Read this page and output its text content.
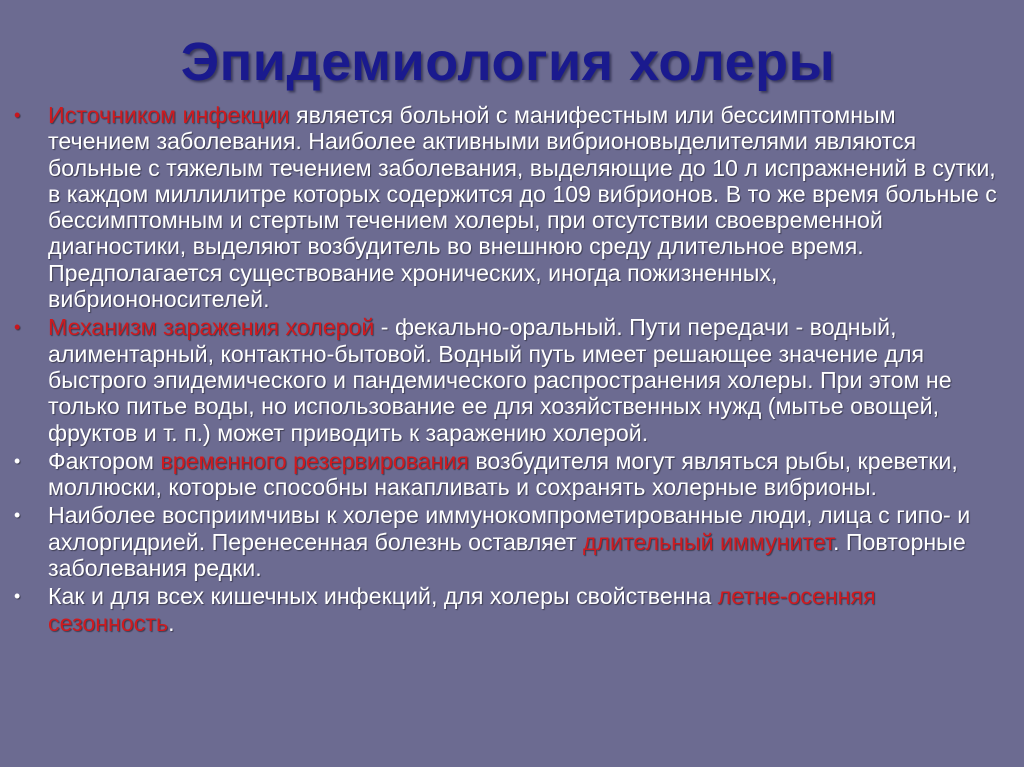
Эпидемиология холеры
• Источником инфекции является больной с манифестным или бессимптомным течением заболевания. Наиболее активными вибрионовыделителями являются больные с тяжелым течением заболевания, выделяющие до 10 л испражнений в сутки, в каждом миллилитре которых содержится до 109 вибрионов. В то же время больные с бессимптомным и стертым течением холеры, при отсутствии своевременной диагностики, выделяют возбудитель во внешнюю среду длительное время. Предполагается существование хронических, иногда пожизненных, вибриононосителей.
• Механизм заражения холерой - фекально-оральный. Пути передачи - водный, алиментарный, контактно-бытовой. Водный путь имеет решающее значение для быстрого эпидемического и пандемического распространения холеры. При этом не только питье воды, но использование ее для хозяйственных нужд (мытье овощей, фруктов и т. п.) может приводить к заражению холерой.
• Фактором временного резервирования возбудителя могут являться рыбы, креветки, моллюски, которые способны накапливать и сохранять холерные вибрионы.
• Наиболее восприимчивы к холере иммунокомпрометированные люди, лица с гипо- и ахлоргидрией. Перенесенная болезнь оставляет длительный иммунитет. Повторные заболевания редки.
• Как и для всех кишечных инфекций, для холеры свойственна летне-осенняя сезонность.
